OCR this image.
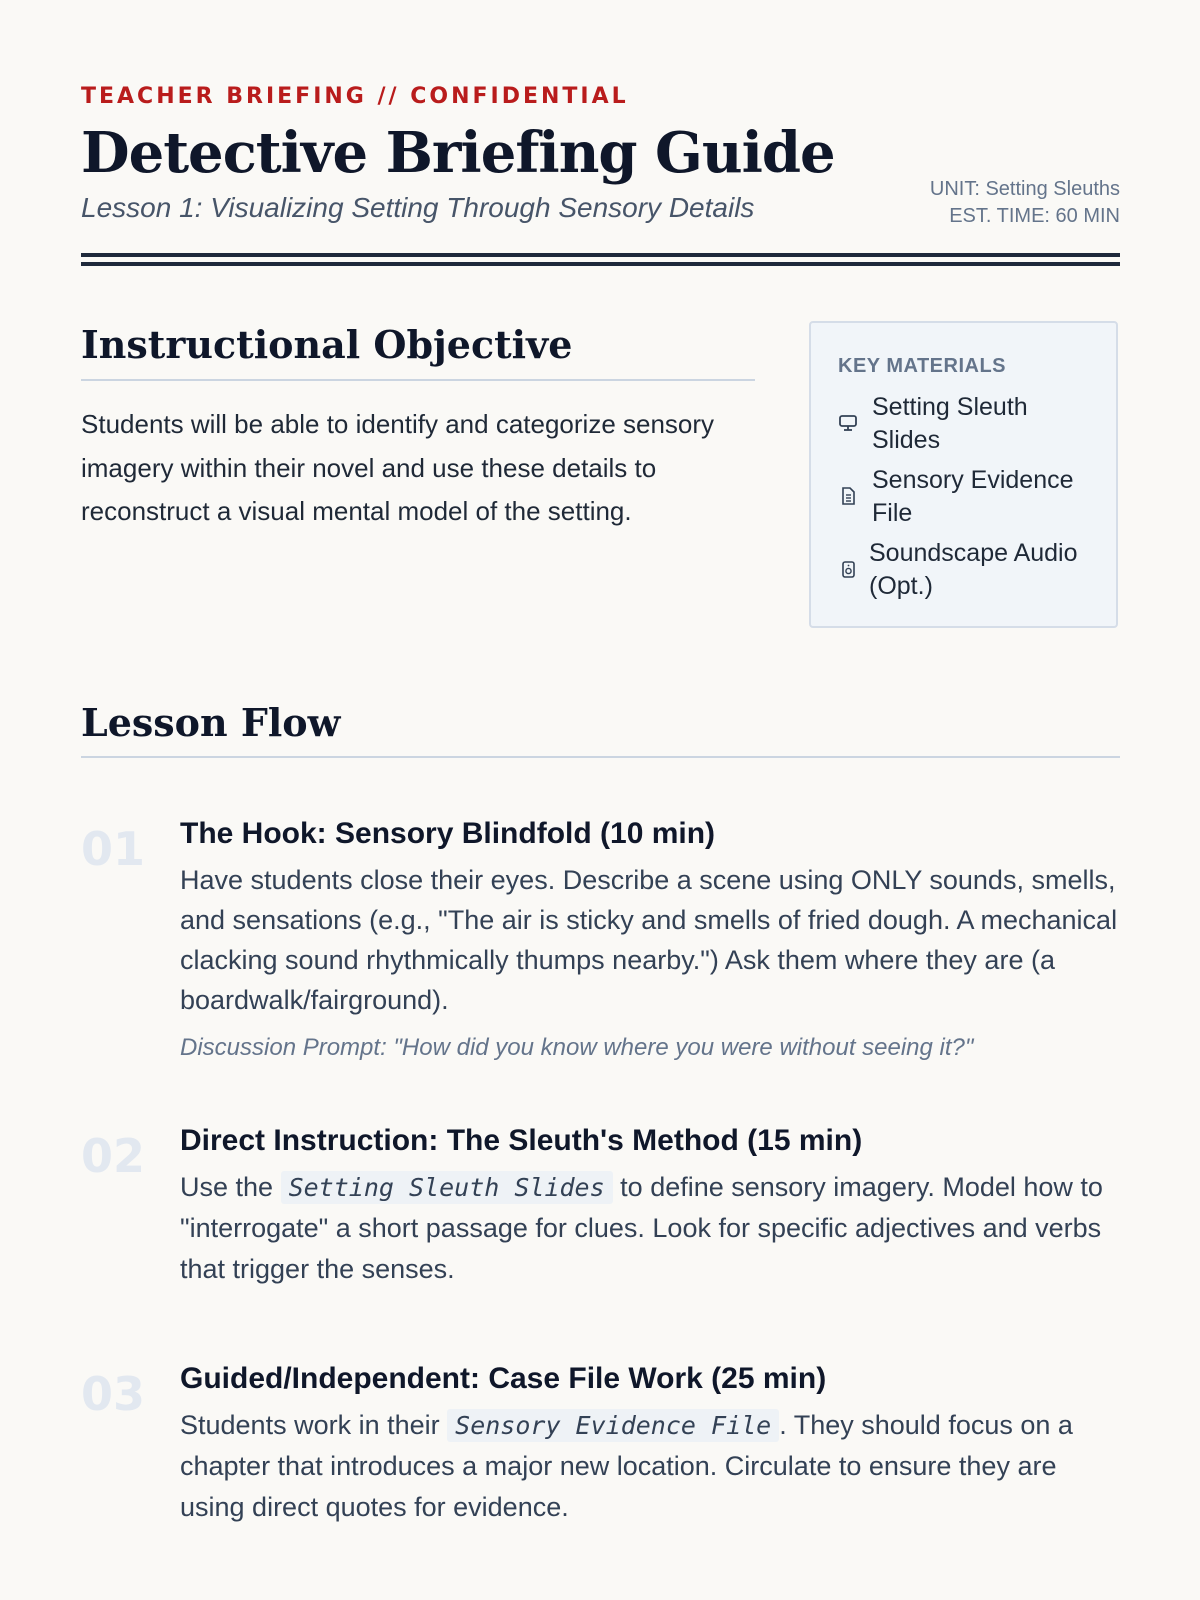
TEACHER BRIEFING // CONFIDENTIAL
Detective Briefing Guide
Lesson 1: Visualizing Setting Through Sensory Details
UNIT: Setting Sleuths
EST. TIME: 60 MIN
Instructional Objective
Students will be able to identify and categorize sensory imagery within their novel and use these details to reconstruct a visual mental model of the setting.
KEY MATERIALS
Setting Sleuth Slides
Sensory Evidence File
Soundscape Audio (Opt.)
Lesson Flow
01 The Hook: Sensory Blindfold (10 min)
Have students close their eyes. Describe a scene using ONLY sounds, smells, and sensations (e.g., "The air is sticky and smells of fried dough. A mechanical clacking sound rhythmically thumps nearby.") Ask them where they are (a boardwalk/fairground).
Discussion Prompt: "How did you know where you were without seeing it?"
02 Direct Instruction: The Sleuth's Method (15 min)
Use the Setting Sleuth Slides to define sensory imagery. Model how to "interrogate" a short passage for clues. Look for specific adjectives and verbs that trigger the senses.
03 Guided/Independent: Case File Work (25 min)
Students work in their Sensory Evidence File . They should focus on a chapter that introduces a major new location. Circulate to ensure they are using direct quotes for evidence.
